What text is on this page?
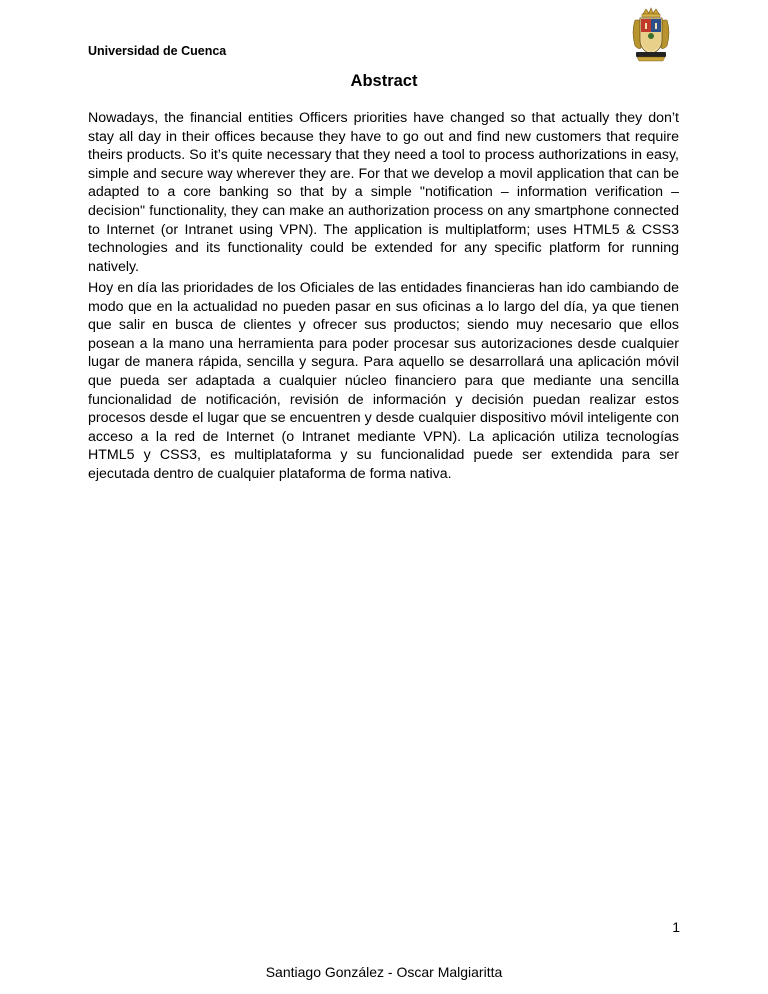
Universidad de Cuenca
Abstract

Nowadays, the financial entities Officers priorities have changed so that actually they don’t stay all day in their offices because they have to go out and find new customers that require theirs products. So it’s quite necessary that they need a tool to process authorizations in easy, simple and secure way wherever they are. For that we develop a movil application that can be adapted to a core banking so that by a simple "notification – information verification – decision" functionality, they can make an authorization process on any smartphone connected to Internet (or Intranet using VPN). The application is multiplatform; uses HTML5 & CSS3 technologies and its functionality could be extended for any specific platform for running natively.

Hoy en día las prioridades de los Oficiales de las entidades financieras han ido cambiando de modo que en la actualidad no pueden pasar en sus oficinas a lo largo del día, ya que tienen que salir en busca de clientes y ofrecer sus productos; siendo muy necesario que ellos posean a la mano una herramienta para poder procesar sus autorizaciones desde cualquier lugar de manera rápida, sencilla y segura. Para aquello se desarrollará una aplicación móvil que pueda ser adaptada a cualquier núcleo financiero para que mediante una sencilla funcionalidad de notificación, revisión de información y decisión puedan realizar estos procesos desde el lugar que se encuentren y desde cualquier dispositivo móvil inteligente con acceso a la red de Internet (o Intranet mediante VPN). La aplicación utiliza tecnologías HTML5 y CSS3, es multiplataforma y su funcionalidad puede ser extendida para ser ejecutada dentro de cualquier plataforma de forma nativa.

1
Santiago González - Oscar Malgiaritta
